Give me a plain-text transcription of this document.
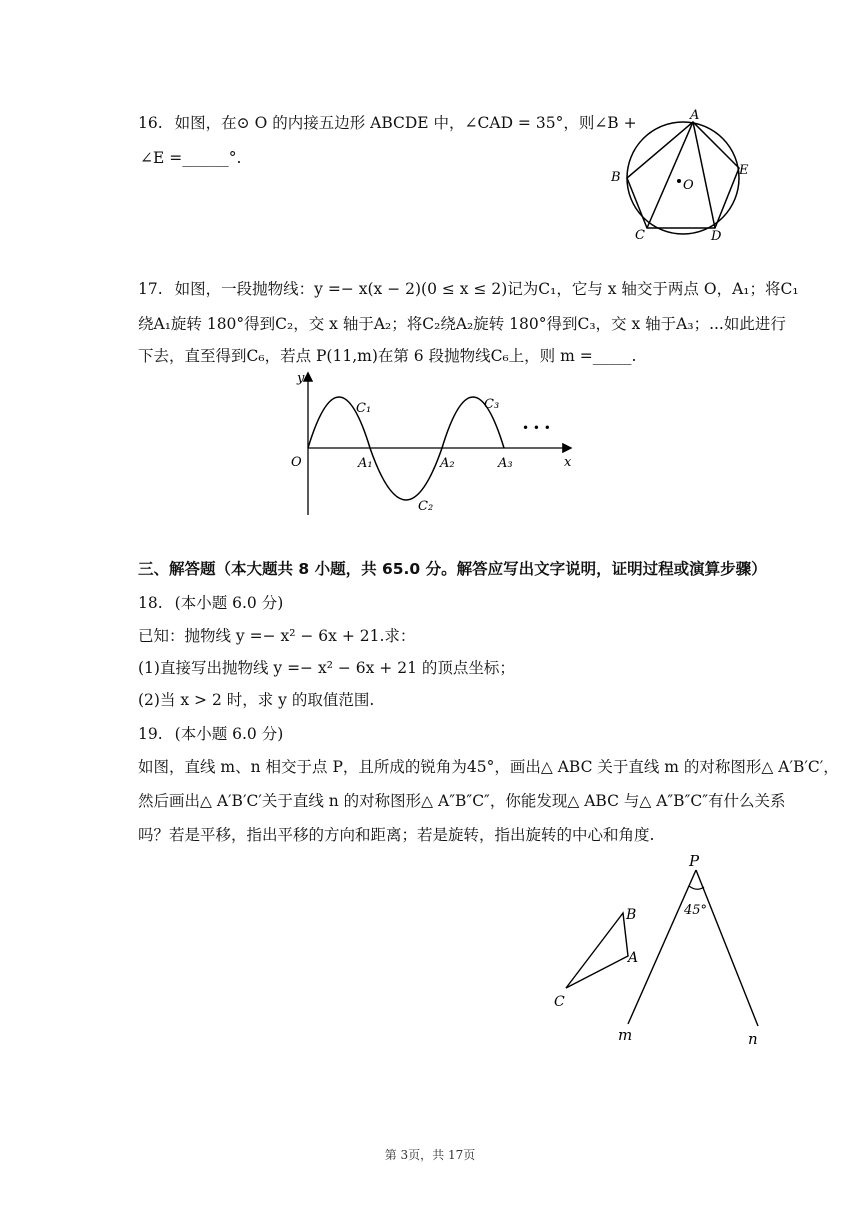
16. 如图，在⊙ O 的内接五边形 ABCDE 中，∠CAD = 35°，则∠B +
∠E =______°.
A
B
C	D
E
O
17. 如图，一段抛物线：y =− x(x − 2)(0 ≤ x ≤ 2)记为C₁，它与 x 轴交于两点 O，A₁；将C₁
绕A₁旋转 180°得到C₂，交 x 轴于A₂；将C₂绕A₂旋转 180°得到C₃，交 x 轴于A₃；...如此进行
下去，直至得到C₆，若点 P(11,m)在第 6 段抛物线C₆上，则 m =_____.
y
x
O	A₁	A₂	A₃
C₁
C₂
C₃
• • •
三、解答题（本大题共 8 小题，共 65.0 分。解答应写出文字说明，证明过程或演算步骤）
18. (本小题 6.0 分)
已知：抛物线 y =− x² − 6x + 21.求：
(1)直接写出抛物线 y =− x² − 6x + 21 的顶点坐标；
(2)当 x > 2 时，求 y 的取值范围.
19. (本小题 6.0 分)
如图，直线 m、n 相交于点 P，且所成的锐角为45°，画出△ ABC 关于直线 m 的对称图形△ A′B′C′，
然后画出△ A′B′C′关于直线 n 的对称图形△ A″B″C″，你能发现△ ABC 与△ A″B″C″有什么关系
吗？若是平移，指出平移的方向和距离；若是旋转，指出旋转的中心和角度.
P
45°
B
A
C
m	n
第 3页，共 17页
